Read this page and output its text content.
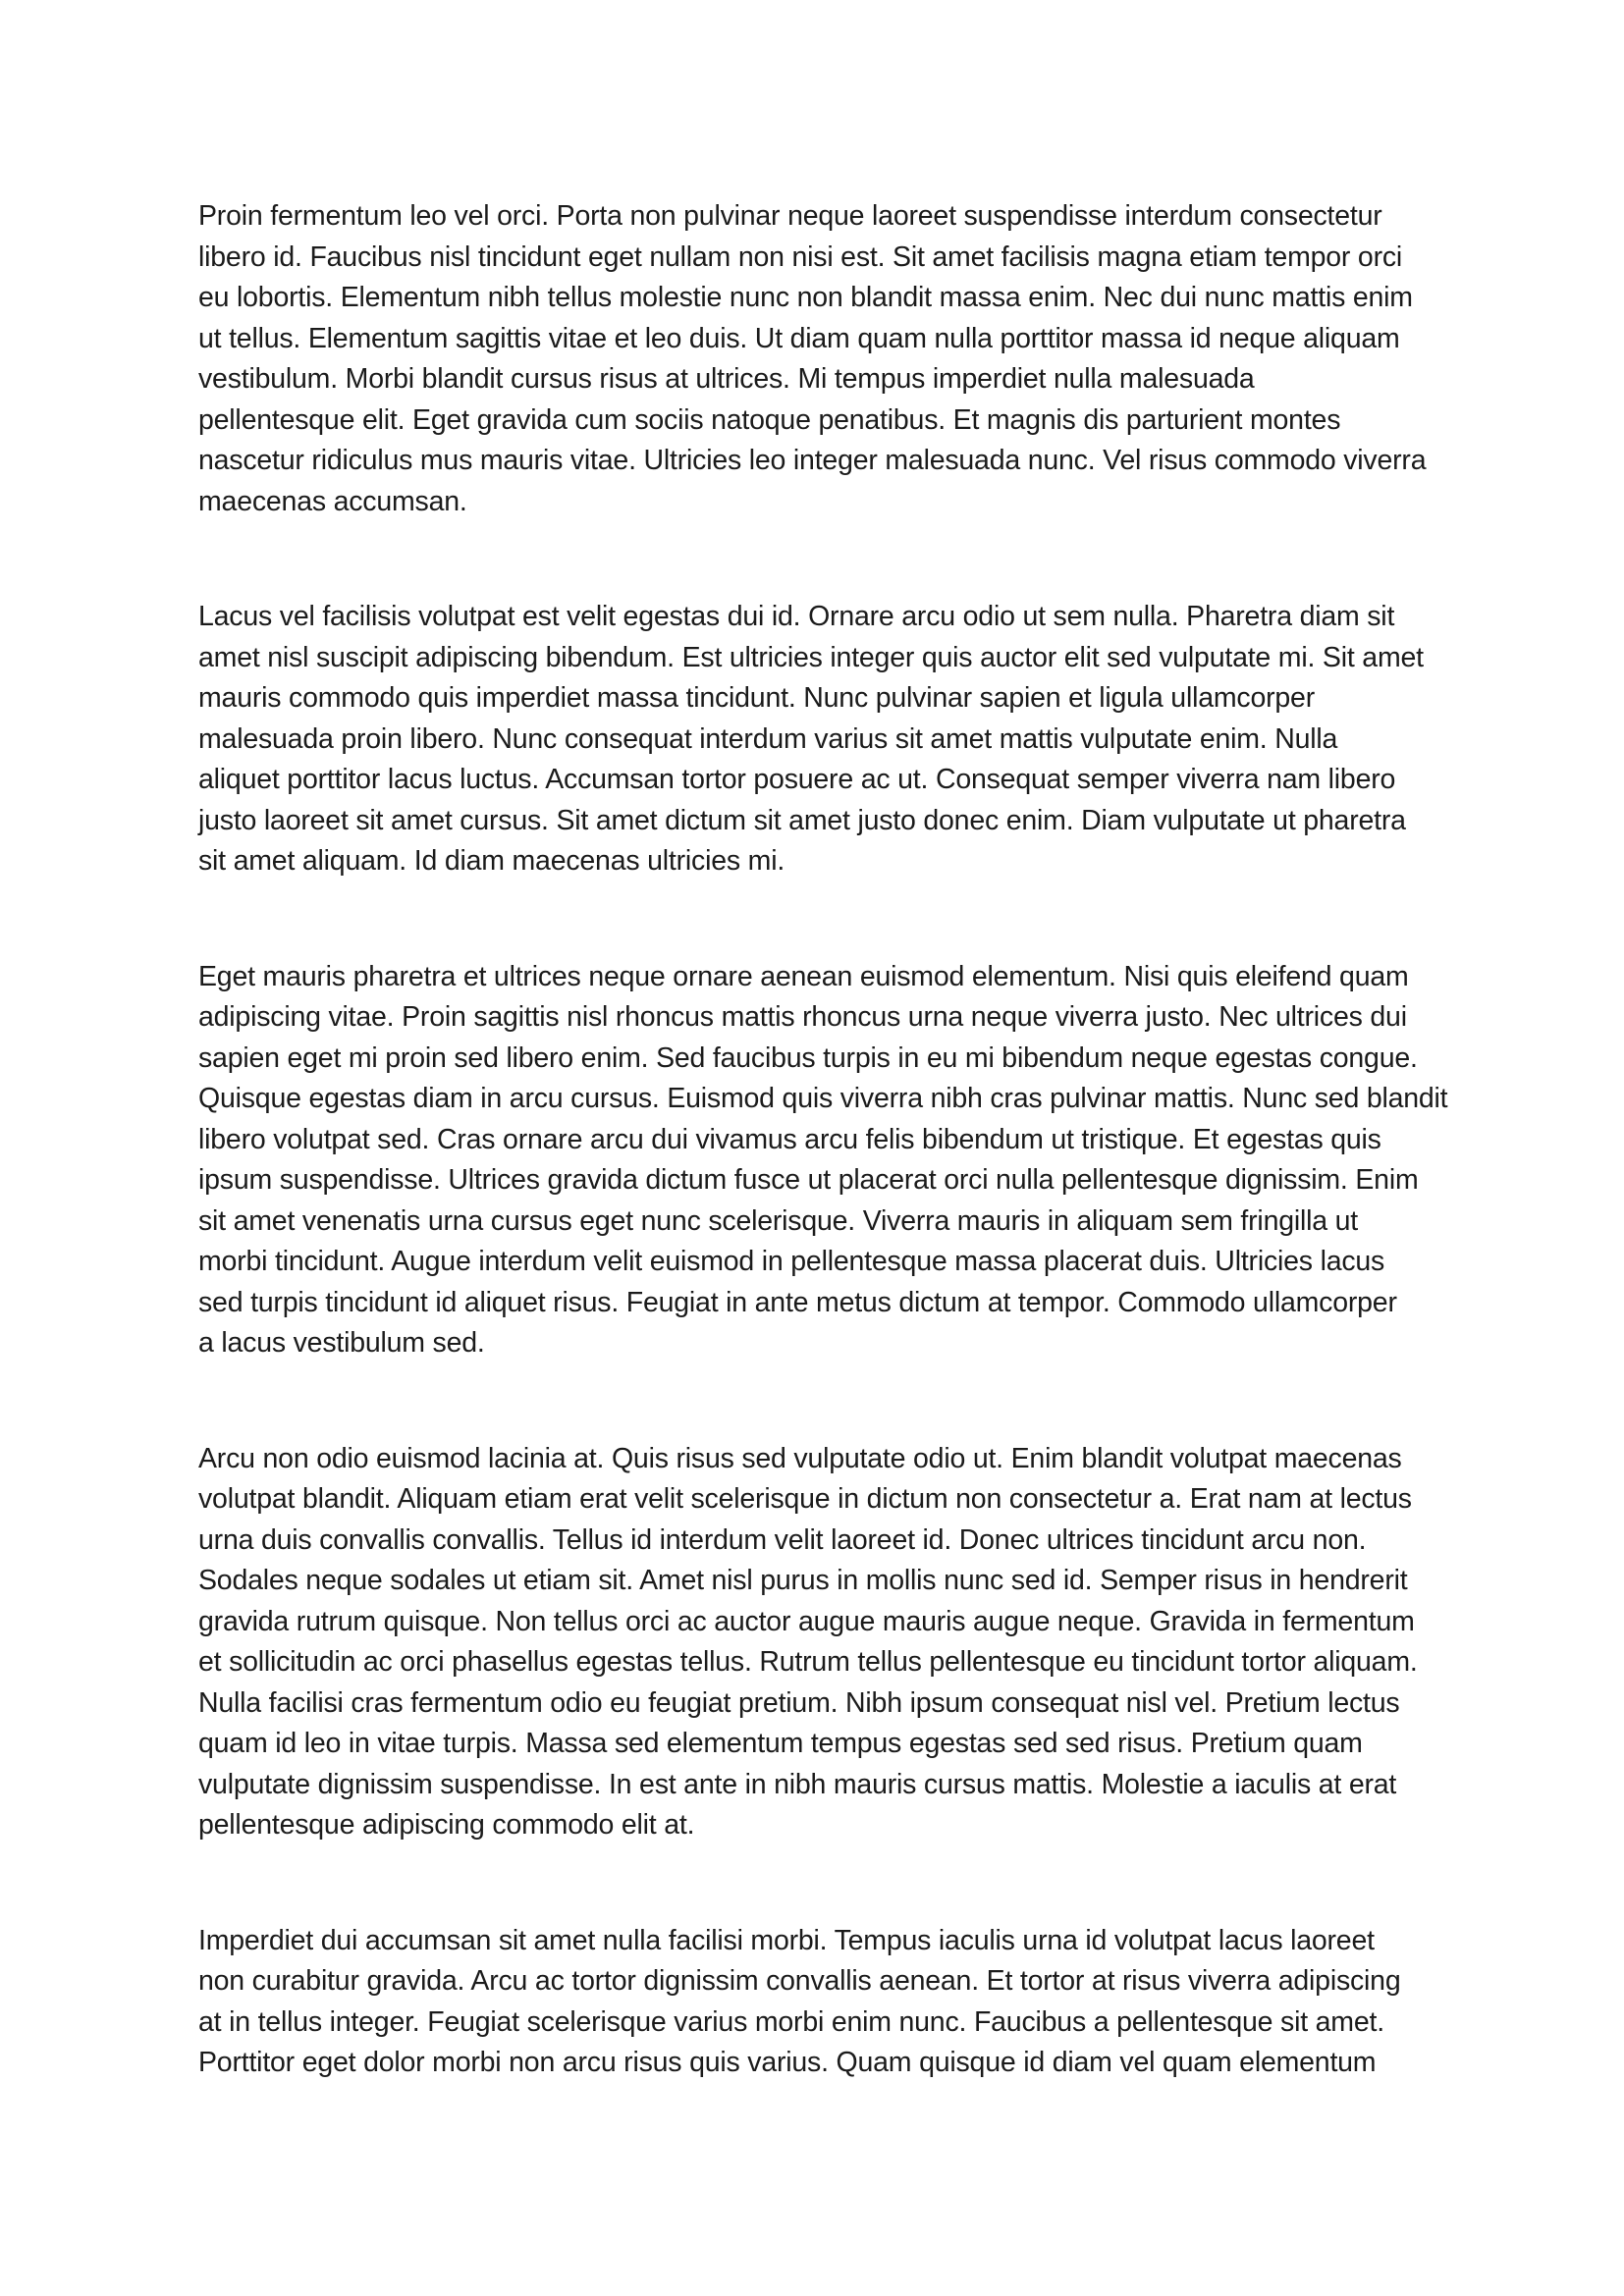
Proin fermentum leo vel orci. Porta non pulvinar neque laoreet suspendisse interdum consectetur
libero id. Faucibus nisl tincidunt eget nullam non nisi est. Sit amet facilisis magna etiam tempor orci
eu lobortis. Elementum nibh tellus molestie nunc non blandit massa enim. Nec dui nunc mattis enim
ut tellus. Elementum sagittis vitae et leo duis. Ut diam quam nulla porttitor massa id neque aliquam
vestibulum. Morbi blandit cursus risus at ultrices. Mi tempus imperdiet nulla malesuada
pellentesque elit. Eget gravida cum sociis natoque penatibus. Et magnis dis parturient montes
nascetur ridiculus mus mauris vitae. Ultricies leo integer malesuada nunc. Vel risus commodo viverra
maecenas accumsan.
Lacus vel facilisis volutpat est velit egestas dui id. Ornare arcu odio ut sem nulla. Pharetra diam sit
amet nisl suscipit adipiscing bibendum. Est ultricies integer quis auctor elit sed vulputate mi. Sit amet
mauris commodo quis imperdiet massa tincidunt. Nunc pulvinar sapien et ligula ullamcorper
malesuada proin libero. Nunc consequat interdum varius sit amet mattis vulputate enim. Nulla
aliquet porttitor lacus luctus. Accumsan tortor posuere ac ut. Consequat semper viverra nam libero
justo laoreet sit amet cursus. Sit amet dictum sit amet justo donec enim. Diam vulputate ut pharetra
sit amet aliquam. Id diam maecenas ultricies mi.
Eget mauris pharetra et ultrices neque ornare aenean euismod elementum. Nisi quis eleifend quam
adipiscing vitae. Proin sagittis nisl rhoncus mattis rhoncus urna neque viverra justo. Nec ultrices dui
sapien eget mi proin sed libero enim. Sed faucibus turpis in eu mi bibendum neque egestas congue.
Quisque egestas diam in arcu cursus. Euismod quis viverra nibh cras pulvinar mattis. Nunc sed blandit
libero volutpat sed. Cras ornare arcu dui vivamus arcu felis bibendum ut tristique. Et egestas quis
ipsum suspendisse. Ultrices gravida dictum fusce ut placerat orci nulla pellentesque dignissim. Enim
sit amet venenatis urna cursus eget nunc scelerisque. Viverra mauris in aliquam sem fringilla ut
morbi tincidunt. Augue interdum velit euismod in pellentesque massa placerat duis. Ultricies lacus
sed turpis tincidunt id aliquet risus. Feugiat in ante metus dictum at tempor. Commodo ullamcorper
a lacus vestibulum sed.
Arcu non odio euismod lacinia at. Quis risus sed vulputate odio ut. Enim blandit volutpat maecenas
volutpat blandit. Aliquam etiam erat velit scelerisque in dictum non consectetur a. Erat nam at lectus
urna duis convallis convallis. Tellus id interdum velit laoreet id. Donec ultrices tincidunt arcu non.
Sodales neque sodales ut etiam sit. Amet nisl purus in mollis nunc sed id. Semper risus in hendrerit
gravida rutrum quisque. Non tellus orci ac auctor augue mauris augue neque. Gravida in fermentum
et sollicitudin ac orci phasellus egestas tellus. Rutrum tellus pellentesque eu tincidunt tortor aliquam.
Nulla facilisi cras fermentum odio eu feugiat pretium. Nibh ipsum consequat nisl vel. Pretium lectus
quam id leo in vitae turpis. Massa sed elementum tempus egestas sed sed risus. Pretium quam
vulputate dignissim suspendisse. In est ante in nibh mauris cursus mattis. Molestie a iaculis at erat
pellentesque adipiscing commodo elit at.
Imperdiet dui accumsan sit amet nulla facilisi morbi. Tempus iaculis urna id volutpat lacus laoreet
non curabitur gravida. Arcu ac tortor dignissim convallis aenean. Et tortor at risus viverra adipiscing
at in tellus integer. Feugiat scelerisque varius morbi enim nunc. Faucibus a pellentesque sit amet.
Porttitor eget dolor morbi non arcu risus quis varius. Quam quisque id diam vel quam elementum
